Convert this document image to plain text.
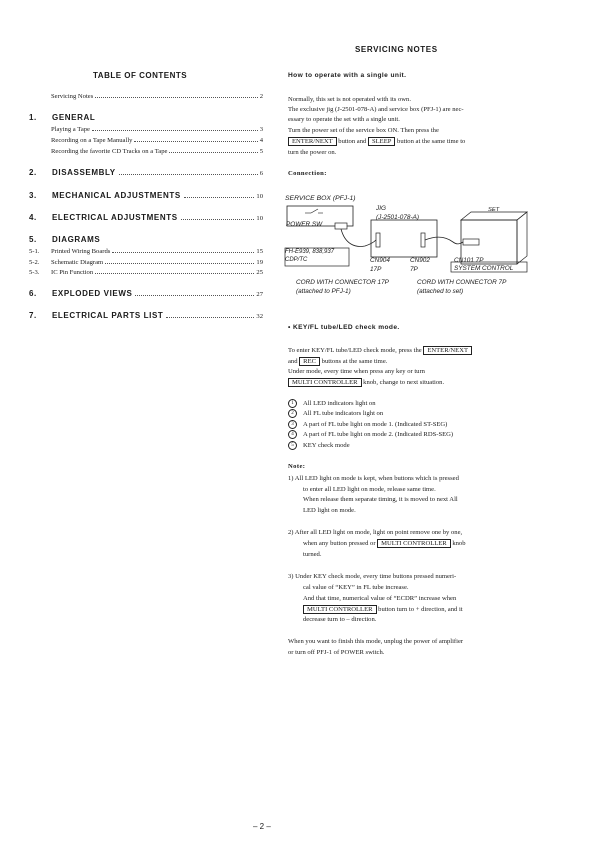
SERVICING NOTES
TABLE OF CONTENTS
Servicing Notes	2
1. GENERAL
Playing a Tape	3
Recording on a Tape Manually	4
Recording the favorite CD Tracks on a Tape	5
2.	DISASSEMBLY	6
3.	MECHANICAL ADJUSTMENTS	10
4.	ELECTRICAL ADJUSTMENTS	10
5. DIAGRAMS
5-1.	Printed Wiring Boards	15
5-2.	Schematic Diagram	19
5-3.	IC Pin Function	25
6.	EXPLODED VIEWS	27
7.	ELECTRICAL PARTS LIST	32
How to operate with a single unit.
Normally, this set is not operated with its own.
The exclusive jig (J-2501-078-A) and service box (PFJ-1) are nec-
essary to operate the set with a single unit.
Turn the power set of the service box ON. Then press the
ENTER/NEXT button and SLEEP button at the same time to
turn the power on.
Connection:
SERVICE BOX (PFJ-1)
POWER SW
JIG
(J-2501-078-A)
SET
FH-E939, 838,937
CDP/TC	CN904
17P
CN902
7P
CN101 7P
SYSTEM CONTROL
CORD WITH CONNECTOR 17P
(attached to PFJ-1)
CORD WITH CONNECTOR 7P
(attached to set)
• KEY/FL tube/LED check mode.
To enter KEY/FL tube/LED check mode, press the ENTER/NEXT
and REC buttons at the same time.
Under mode, every time when press any key or turn
MULTI CONTROLLER knob, change to next situation.
1 All LED indicators light on
2 All FL tube indicators light on
3 A part of FL tube light on mode 1. (Indicated ST-SEG)
4 A part of FL tube light on mode 2. (Indicated RDS-SEG)
5 KEY check mode
Note:
1) All LED light on mode is kept, when buttons which is pressed
to enter all LED light on mode, release same time.
When release them separate timing, it is moved to next All
LED light on mode.
2) After all LED light on mode, light on point remove one by one,
when any button pressed or MULTI CONTROLLER knob
turned.
3) Under KEY check mode, every time buttons pressed numeri-
cal value of “KEY” in FL tube increase.
And that time, numerical value of “ECDR” increase when
MULTI CONTROLLER button turn to + direction, and it
decrease turn to – direction.
When you want to finish this mode, unplug the power of amplifier
or turn off PFJ-1 of POWER switch.
– 2 –
